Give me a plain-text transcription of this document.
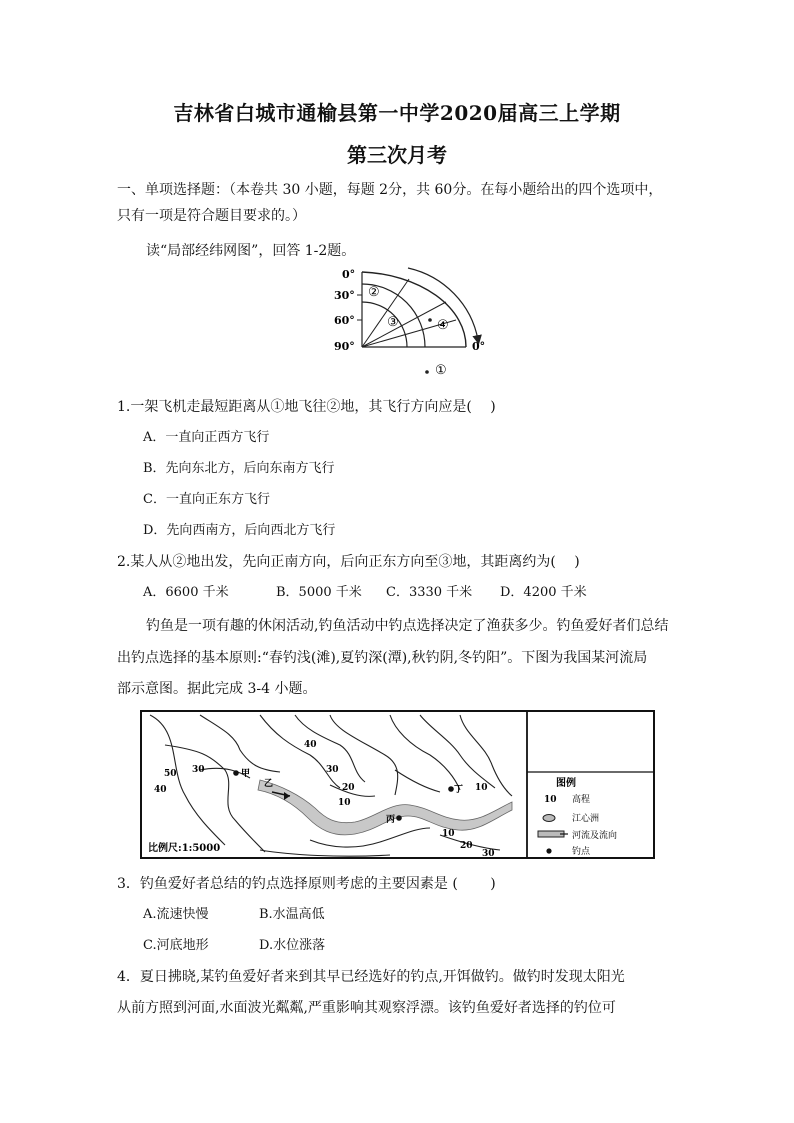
吉林省白城市通榆县第一中学2020届高三上学期
第三次月考
一、单项选择题：（本卷共 30 小题，每题 2分，共 60分。在每小题给出的四个选项中，
只有一项是符合题目要求的。）
读“局部经纬网图”，回答 1-2题。
0°
30°
60°
90°	0°
②
③	④
①
1.一架飞机走最短距离从①地飞往②地，其飞行方向应是(　 )
A．一直向正西方飞行
B．先向东北方，后向东南方飞行
C．一直向正东方飞行
D．先向西南方，后向西北方飞行
2.某人从②地出发，先向正南方向，后向正东方向至③地，其距离约为(　 )
A．6600 千米	B．5000 千米 C．3330 千米 D．4200 千米
钓鱼是一项有趣的休闲活动,钓鱼活动中钓点选择决定了渔获多少。钓鱼爱好者们总结
出钓点选择的基本原则:“春钓浅(滩),夏钓深(潭),秋钓阴,冬钓阳”。下图为我国某河流局
部示意图。据此完成 3-4 小题。
40
50 30
40
30
20
10
10
10
20
30
甲
乙
丙
丁
比例尺:1:5000
图例
10 高程
江心洲
河流及流向
钓点
3．钓鱼爱好者总结的钓点选择原则考虑的主要因素是 (　　 )
A.流速快慢	B.水温高低
C.河底地形	D.水位涨落
4．夏日拂晓,某钓鱼爱好者来到其早已经选好的钓点,开饵做钓。做钓时发现太阳光
从前方照到河面,水面波光粼粼,严重影响其观察浮漂。该钓鱼爱好者选择的钓位可
